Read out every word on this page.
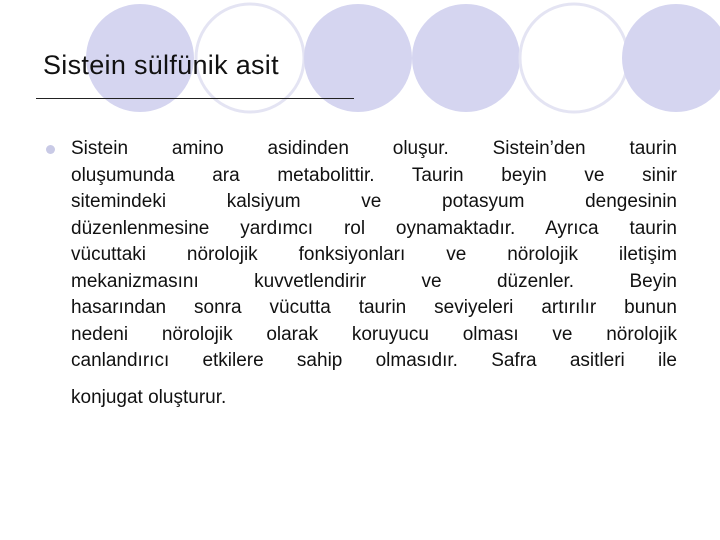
Sistein sülfünik asit

Sistein amino asidinden oluşur. Sistein’den taurin
oluşumunda ara metabolittir. Taurin beyin ve sinir
sitemindeki kalsiyum ve potasyum dengesinin
düzenlenmesine yardımcı rol oynamaktadır. Ayrıca taurin
vücuttaki nörolojik fonksiyonları ve nörolojik iletişim
mekanizmasını kuvvetlendirir ve düzenler. Beyin
hasarından sonra vücutta taurin seviyeleri artırılır bunun
nedeni nörolojik olarak koruyucu olması ve nörolojik
canlandırıcı etkilere sahip olmasıdır. Safra asitleri ile
konjugat oluşturur.
